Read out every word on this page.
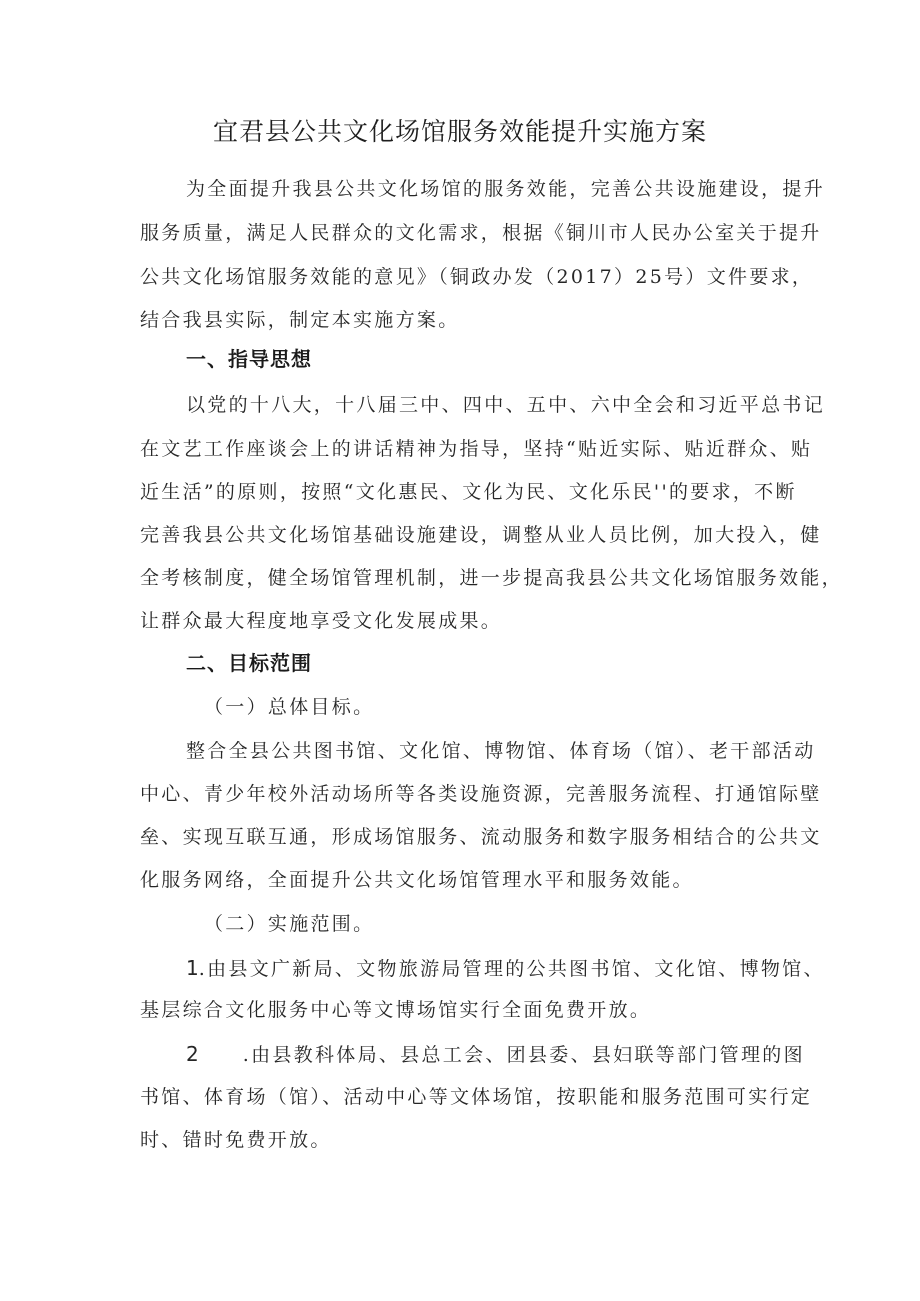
宜君县公共文化场馆服务效能提升实施方案
为全面提升我县公共文化场馆的服务效能，完善公共设施建设，提升
服务质量，满足人民群众的文化需求，根据《铜川市人民办公室关于提升
公共文化场馆服务效能的意见》（铜政办发（2017）25号）文件要求，
结合我县实际，制定本实施方案。
一、指导思想
以党的十八大，十八届三中、四中、五中、六中全会和习近平总书记
在文艺工作座谈会上的讲话精神为指导，坚持“贴近实际、贴近群众、贴
近生活”的原则，按照“文化惠民、文化为民、文化乐民''的要求，不断
完善我县公共文化场馆基础设施建设，调整从业人员比例，加大投入，健
全考核制度，健全场馆管理机制，进一步提高我县公共文化场馆服务效能，
让群众最大程度地享受文化发展成果。
二、目标范围
（一）总体目标。
整合全县公共图书馆、文化馆、博物馆、体育场（馆）、老干部活动
中心、青少年校外活动场所等各类设施资源，完善服务流程、打通馆际壁
垒、实现互联互通，形成场馆服务、流动服务和数字服务相结合的公共文
化服务网络，全面提升公共文化场馆管理水平和服务效能。
（二）实施范围。
1.由县文广新局、文物旅游局管理的公共图书馆、文化馆、博物馆、
基层综合文化服务中心等文博场馆实行全面免费开放。
2 .由县教科体局、县总工会、团县委、县妇联等部门管理的图
书馆、体育场（馆）、活动中心等文体场馆，按职能和服务范围可实行定
时、错时免费开放。
